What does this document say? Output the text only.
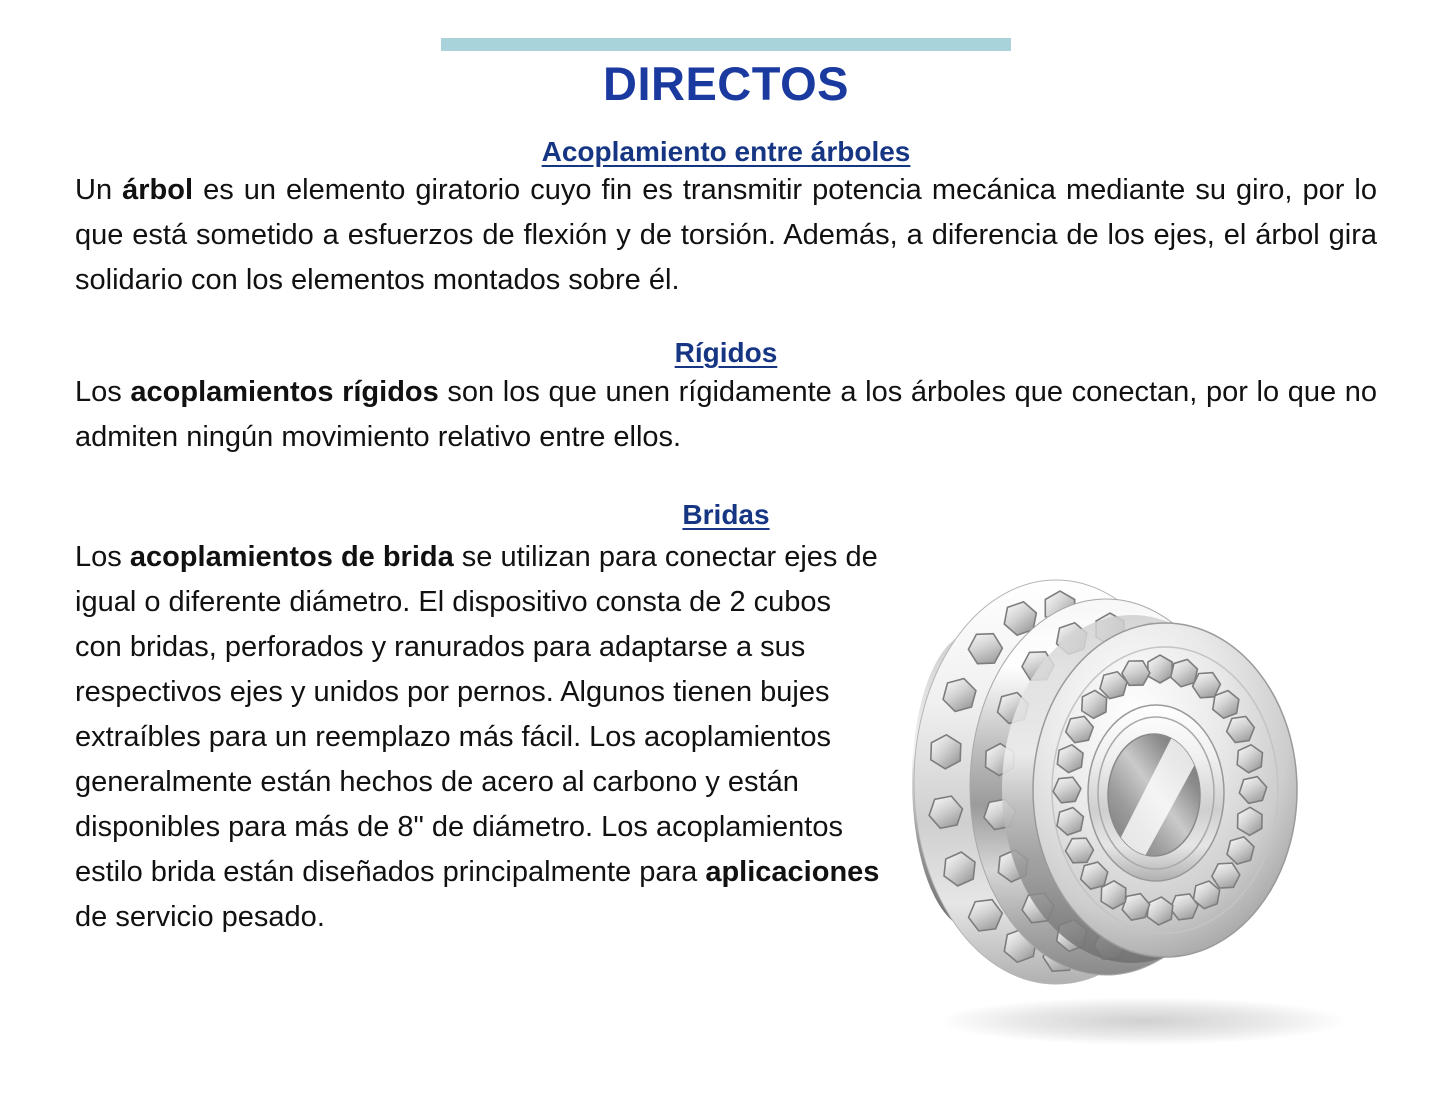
DIRECTOS
Acoplamiento entre árboles

Un árbol es un elemento giratorio cuyo fin es transmitir potencia mecánica mediante su giro, por lo que está sometido a esfuerzos de flexión y de torsión. Además, a diferencia de los ejes, el árbol gira solidario con los elementos montados sobre él.

Rígidos

Los acoplamientos rígidos son los que unen rígidamente a los árboles que conectan, por lo que no admiten ningún movimiento relativo entre ellos.

Bridas

Los acoplamientos de brida se utilizan para conectar ejes de igual o diferente diámetro. El dispositivo consta de 2 cubos con bridas, perforados y ranurados para adaptarse a sus respectivos ejes y unidos por pernos. Algunos tienen bujes extraíbles para un reemplazo más fácil. Los acoplamientos generalmente están hechos de acero al carbono y están disponibles para más de 8" de diámetro. Los acoplamientos estilo brida están diseñados principalmente para aplicaciones de servicio pesado.
